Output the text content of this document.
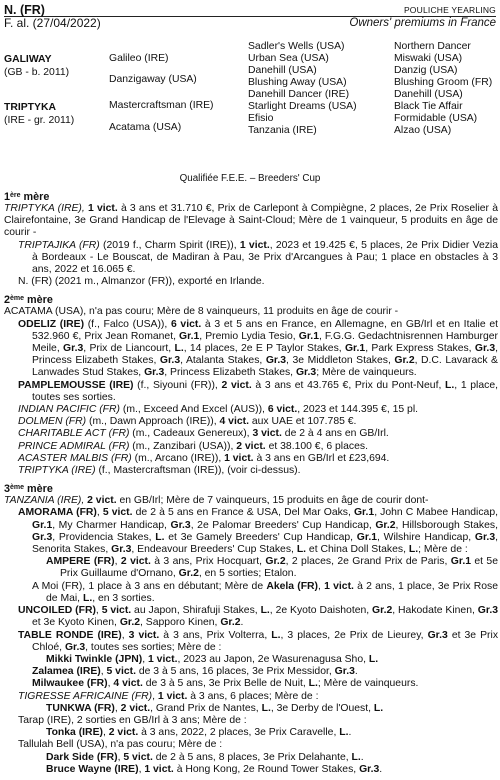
N. (FR)	POULICHE YEARLING
F. al. (27/04/2022)	Owners' premiums in France
GALIWAY
(GB - b. 2011)
TRIPTYKA
(IRE - gr. 2011)
Galileo (IRE)
Danzigaway (USA)
Mastercraftsman (IRE)
Acatama (USA)
Sadler's Wells (USA)
Urban Sea (USA)
Danehill (USA)
Blushing Away (USA)
Danehill Dancer (IRE)
Starlight Dreams (USA)
Efisio
Tanzania (IRE)
Northern Dancer
Miswaki (USA)
Danzig (USA)
Blushing Groom (FR)
Danehill (USA)
Black Tie Affair
Formidable (USA)
Alzao (USA)
Qualifiée F.E.E. – Breeders' Cup
1ère mère
TRIPTYKA (IRE), 1 vict. à 3 ans et 31.710 €, Prix de Carlepont à Compiègne, 2 places, 2e Prix Roselier à Clairefontaine, 3e Grand Handicap de l'Elevage à Saint-Cloud; Mère de 1 vainqueur, 5 produits en âge de courir -
TRIPTAJIKA (FR) (2019 f., Charm Spirit (IRE)), 1 vict., 2023 et 19.425 €, 5 places, 2e Prix Didier Vezia à Bordeaux - Le Bouscat, de Madiran à Pau, 3e Prix d'Arcangues à Pau; 1 place en obstacles à 3 ans, 2022 et 16.065 €.
N. (FR) (2021 m., Almanzor (FR)), exporté en Irlande.
2ème mère
ACATAMA (USA), n'a pas couru; Mère de 8 vainqueurs, 11 produits en âge de courir -
ODELIZ (IRE) (f., Falco (USA)), 6 vict. à 3 et 5 ans en France, en Allemagne, en GB/Irl et en Italie et 532.960 €, Prix Jean Romanet, Gr.1, Premio Lydia Tesio, Gr.1, F.G.G. Gedachtnisrennen Hamburger Meile, Gr.3, Prix de Liancourt, L., 14 places, 2e E P Taylor Stakes, Gr.1, Park Express Stakes, Gr.3, Princess Elizabeth Stakes, Gr.3, Atalanta Stakes, Gr.3, 3e Middleton Stakes, Gr.2, D.C. Lavarack & Lanwades Stud Stakes, Gr.3, Princess Elizabeth Stakes, Gr.3; Mère de vainqueurs.
PAMPLEMOUSSE (IRE) (f., Siyouni (FR)), 2 vict. à 3 ans et 43.765 €, Prix du Pont-Neuf, L., 1 place, toutes ses sorties.
INDIAN PACIFIC (FR) (m., Exceed And Excel (AUS)), 6 vict., 2023 et 144.395 €, 15 pl.
DOLMEN (FR) (m., Dawn Approach (IRE)), 4 vict. aux UAE et 107.785 €.
CHARITABLE ACT (FR) (m., Cadeaux Genereux), 3 vict. de 2 à 4 ans en GB/Irl.
PRINCE ADMIRAL (FR) (m., Zanzibari (USA)), 2 vict. et 38.100 €, 6 places.
ACASTER MALBIS (FR) (m., Arcano (IRE)), 1 vict. à 3 ans en GB/Irl et £23,694.
TRIPTYKA (IRE) (f., Mastercraftsman (IRE)), (voir ci-dessus).
3ème mère
TANZANIA (IRE), 2 vict. en GB/Irl; Mère de 7 vainqueurs, 15 produits en âge de courir dont-
AMORAMA (FR), 5 vict. de 2 à 5 ans en France & USA, Del Mar Oaks, Gr.1, John C Mabee Handicap, Gr.1, My Charmer Handicap, Gr.3, 2e Palomar Breeders' Cup Handicap, Gr.2, Hillsborough Stakes, Gr.3, Providencia Stakes, L. et 3e Gamely Breeders' Cup Handicap, Gr.1, Wilshire Handicap, Gr.3, Senorita Stakes, Gr.3, Endeavour Breeders' Cup Stakes, L. et China Doll Stakes, L.; Mère de :
AMPERE (FR), 2 vict. à 3 ans, Prix Hocquart, Gr.2, 2 places, 2e Grand Prix de Paris, Gr.1 et 5e Prix Guillaume d'Ornano, Gr.2, en 5 sorties; Etalon.
A Moi (FR), 1 place à 3 ans en débutant; Mère de Akela (FR), 1 vict. à 2 ans, 1 place, 3e Prix Rose de Mai, L., en 3 sorties.
UNCOILED (FR), 5 vict. au Japon, Shirafuji Stakes, L., 2e Kyoto Daishoten, Gr.2, Hakodate Kinen, Gr.3 et 3e Kyoto Kinen, Gr.2, Sapporo Kinen, Gr.2.
TABLE RONDE (IRE), 3 vict. à 3 ans, Prix Volterra, L., 3 places, 2e Prix de Lieurey, Gr.3 et 3e Prix Chloé, Gr.3, toutes ses sorties; Mère de :
Mikki Twinkle (JPN), 1 vict., 2023 au Japon, 2e Wasurenagusa Sho, L.
Zalamea (IRE), 5 vict. de 3 à 5 ans, 16 places, 3e Prix Messidor, Gr.3.
Milwaukee (FR), 4 vict. de 3 à 5 ans, 3e Prix Belle de Nuit, L.; Mère de vainqueurs.
TIGRESSE AFRICAINE (FR), 1 vict. à 3 ans, 6 places; Mère de :
TUNKWA (FR), 2 vict., Grand Prix de Nantes, L., 3e Derby de l'Ouest, L.
Tarap (IRE), 2 sorties en GB/Irl à 3 ans; Mère de :
Tonka (IRE), 2 vict. à 3 ans, 2022, 2 places, 3e Prix Caravelle, L..
Tallulah Bell (USA), n'a pas couru; Mère de :
Dark Side (FR), 5 vict. de 2 à 5 ans, 8 places, 3e Prix Delahante, L..
Bruce Wayne (IRE), 1 vict. à Hong Kong, 2e Round Tower Stakes, Gr.3.
